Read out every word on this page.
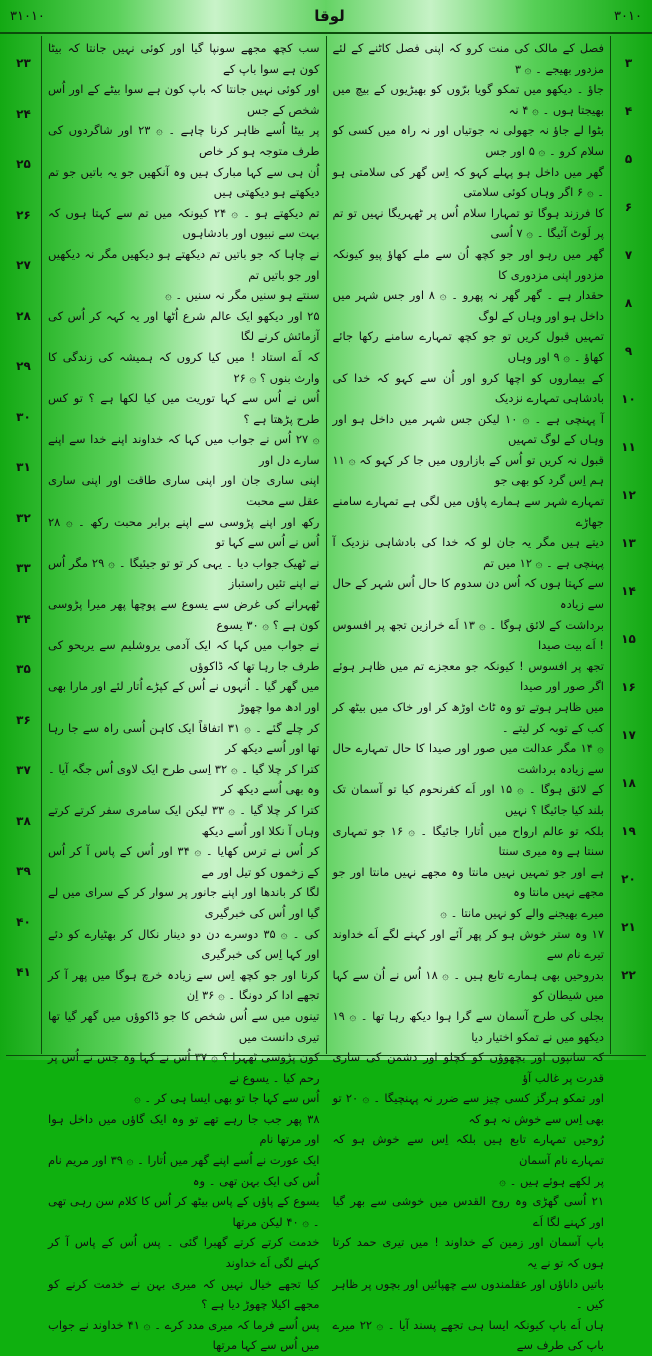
۳۱۰۱۰	لوقا	۳۰۱۰
۳
۴
۵
۶
۷
۸
۹
۱۰
۱۱
۱۲
۱۳
۱۴
۱۵
۱۶
۱۷
۱۸
۱۹
۲۰
۲۱
۲۲
فصل کے مالک کی منت کرو کہ اپنی فصل کاٹنے کے لئے مزدور بھیجے ۔ ۞ ۳
جاؤ ۔ دیکھو میں تمکو گویا برّوں کو بھیڑیوں کے بیچ میں بھیجتا ہوں ۔ ۞ ۴ نہ
بٹوا لے جاؤ نہ جھولی نہ جوتیاں اور نہ راہ میں کسی کو سلام کرو ۔ ۞ ۵ اور جس
گھر میں داخل ہو پہلے کہو کہ اِس گھر کی سلامتی ہو ۔ ۞ ۶ اگر وہاں کوئی سلامتی
کا فرزند ہوگا تو تمہارا سلام اُس پر ٹھہریگا نہیں تو تم پر لَوٹ آئیگا ۔ ۞ ۷ اُسی
گھر میں رہو اور جو کچھ اُن سے ملے کھاؤ پیو کیونکہ مزدور اپنی مزدوری کا
حقدار ہے ۔ گھر گھر نہ پھرو ۔ ۞ ۸ اور جس شہر میں داخل ہو اور وہاں کے لوگ
تمہیں قبول کریں تو جو کچھ تمہارے سامنے رکھا جائے کھاؤ ۔ ۞ ۹ اور وہاں
کے بیماروں کو اچھا کرو اور اُن سے کہو کہ خدا کی بادشاہی تمہارے نزدیک
آ پہنچی ہے ۔ ۞ ۱۰ لیکن جس شہر میں داخل ہو اور وہاں کے لوگ تمہیں
قبول نہ کریں تو اُس کے بازاروں میں جا کر کہو کہ ۞ ۱۱ ہم اِس گرد کو بھی جو
تمہارے شہر سے ہمارے پاؤں میں لگی ہے تمہارے سامنے جھاڑے
دیتے ہیں مگر یہ جان لو کہ خدا کی بادشاہی نزدیک آ پہنچی ہے ۔ ۞ ۱۲ میں تم
سے کہتا ہوں کہ اُس دن سدوم کا حال اُس شہر کے حال سے زیادہ
برداشت کے لائق ہوگا ۔ ۞ ۱۳ اَے خرازین تجھ پر افسوس ! اَے بیت صیدا
تجھ پر افسوس ! کیونکہ جو معجزے تم میں ظاہر ہوئے اگر صور اور صیدا
میں ظاہر ہوتے تو وہ ٹاٹ اوڑھ کر اور خاک میں بیٹھ کر کب کے توبہ کر لیتے ۔
۞ ۱۴ مگر عدالت میں صور اور صیدا کا حال تمہارے حال سے زیادہ برداشت
کے لائق ہوگا ۔ ۞ ۱۵ اور اَے کفرنحوم کیا تو آسمان تک بلند کیا جائیگا ؟ نہیں
بلکہ تو عالم ارواح میں اُتارا جائیگا ۔ ۞ ۱۶ جو تمہاری سنتا ہے وہ میری سنتا
ہے اور جو تمہیں نہیں مانتا وہ مجھے نہیں مانتا اور جو مجھے نہیں مانتا وہ
میرے بھیجنے والے کو نہیں مانتا ۔ ۞
۱۷ وہ ستر خوش ہو کر پھر آئے اور کہنے لگے اَے خداوند تیرے نام سے
بدروحیں بھی ہمارے تابع ہیں ۔ ۞ ۱۸ اُس نے اُن سے کہا میں شیطان کو
بجلی کی طرح آسمان سے گرا ہوا دیکھ رہا تھا ۔ ۞ ۱۹ دیکھو میں نے تمکو اختیار دیا
کہ سانپوں اور بچھوؤں کو کچلو اور دشمن کی ساری قدرت پر غالب آؤ
اور تمکو ہرگز کسی چیز سے ضرر نہ پہنچیگا ۔ ۞ ۲۰ تو بھی اِس سے خوش نہ ہو کہ
رُوحیں تمہارے تابع ہیں بلکہ اِس سے خوش ہو کہ تمہارے نام آسمان
پر لکھے ہوئے ہیں ۔ ۞
۲۱ اُسی گھڑی وہ روح القدس میں خوشی سے بھر گیا اور کہنے لگا اَے
باپ آسمان اور زمین کے خداوند ! میں تیری حمد کرتا ہوں کہ تو نے یہ
باتیں داناؤں اور عقلمندوں سے چھپائیں اور بچوں پر ظاہر کیں ۔
ہاں اَے باپ کیونکہ ایسا ہی تجھے پسند آیا ۔ ۞ ۲۲ میرے باپ کی طرف سے
سب کچھ مجھے سونپا گیا اور کوئی نہیں جانتا کہ بیٹا کون ہے سوا باپ کے
اور کوئی نہیں جانتا کہ باپ کون ہے سوا بیٹے کے اور اُس شخص کے جس
پر بیٹا اُسے ظاہر کرنا چاہے ۔ ۞ ۲۳ اور شاگردوں کی طرف متوجہ ہو کر خاص
اُن ہی سے کہا مبارک ہیں وہ آنکھیں جو یہ باتیں جو تم دیکھتے ہو دیکھتی ہیں
تم دیکھتے ہو ۔ ۞ ۲۴ کیونکہ میں تم سے کہتا ہوں کہ بہت سے نبیوں اور بادشاہوں
نے چاہا کہ جو باتیں تم دیکھتے ہو دیکھیں مگر نہ دیکھیں اور جو باتیں تم
سنتے ہو سنیں مگر نہ سنیں ۔ ۞
۲۵ اور دیکھو ایک عالم شرع اُٹھا اور یہ کہہ کر اُس کی آزمائش کرنے لگا
کہ اَے استاد ! میں کیا کروں کہ ہمیشہ کی زندگی کا وارث بنوں ؟ ۞ ۲۶
اُس نے اُس سے کہا توریت میں کیا لکھا ہے ؟ تو کس طرح پڑھتا ہے ؟
۞ ۲۷ اُس نے جواب میں کہا کہ خداوند اپنے خدا سے اپنے سارے دل اور
اپنی ساری جان اور اپنی ساری طاقت اور اپنی ساری عقل سے محبت
رکھ اور اپنے پڑوسی سے اپنے برابر محبت رکھ ۔ ۞ ۲۸ اُس نے اُس سے کہا تو
نے ٹھیک جواب دیا ۔ یہی کر تو تو جیئیگا ۔ ۞ ۲۹ مگر اُس نے اپنے تئیں راستباز
ٹھہرانے کی غرض سے یسوع سے پوچھا پھر میرا پڑوسی کون ہے ؟ ۞ ۳۰ یسوع
نے جواب میں کہا کہ ایک آدمی یروشلیم سے یریحو کی طرف جا رہا تھا کہ ڈاکوؤں
میں گھر گیا ۔ اُنہوں نے اُس کے کپڑے اُتار لئے اور مارا بھی اور ادھ موا چھوڑ
کر چلے گئے ۔ ۞ ۳۱ اتفاقاً ایک کاہن اُسی راہ سے جا رہا تھا اور اُسے دیکھ کر
کترا کر چلا گیا ۔ ۞ ۳۲ اِسی طرح ایک لاوی اُس جگہ آیا ۔ وہ بھی اُسے دیکھ کر
کترا کر چلا گیا ۔ ۞ ۳۳ لیکن ایک سامری سفر کرتے کرتے وہاں آ نکلا اور اُسے دیکھ
کر اُس نے ترس کھایا ۔ ۞ ۳۴ اور اُس کے پاس آ کر اُس کے زخموں کو تیل اور مے
لگا کر باندھا اور اپنے جانور پر سوار کر کے سرای میں لے گیا اور اُس کی خبرگیری
کی ۔ ۞ ۳۵ دوسرے دن دو دینار نکال کر بھٹیارے کو دئے اور کہا اِس کی خبرگیری
کرنا اور جو کچھ اِس سے زیادہ خرچ ہوگا میں پھر آ کر تجھے ادا کر دونگا ۔ ۞ ۳۶ اِن
تینوں میں سے اُس شخص کا جو ڈاکوؤں میں گھر گیا تھا تیری دانست میں
کون پڑوسی ٹھہرا ؟ ۞ ۳۷ اُس نے کہا وہ جس نے اُس پر رحم کیا ۔ یسوع نے
اُس سے کہا جا تو بھی ایسا ہی کر ۔ ۞
۳۸ پھر جب جا رہے تھے تو وہ ایک گاؤں میں داخل ہوا اور مرتھا نام
ایک عورت نے اُسے اپنے گھر میں اُتارا ۔ ۞ ۳۹ اور مریم نام اُس کی ایک بہن تھی ۔ وہ
یسوع کے پاؤں کے پاس بیٹھ کر اُس کا کلام سن رہی تھی ۔ ۞ ۴۰ لیکن مرتھا
خدمت کرتے کرتے گھبرا گئی ۔ پس اُس کے پاس آ کر کہنے لگی اَے خداوند
کیا تجھے خیال نہیں کہ میری بہن نے خدمت کرنے کو مجھے اکیلا چھوڑ دیا ہے ؟
پس اُسے فرما کہ میری مدد کرے ۔ ۞ ۴۱ خداوند نے جواب میں اُس سے کہا مرتھا
۲۳
۲۴
۲۵
۲۶
۲۷
۲۸
۲۹
۳۰
۳۱
۳۲
۳۳
۳۴
۳۵
۳۶
۳۷
۳۸
۳۹
۴۰
۴۱
